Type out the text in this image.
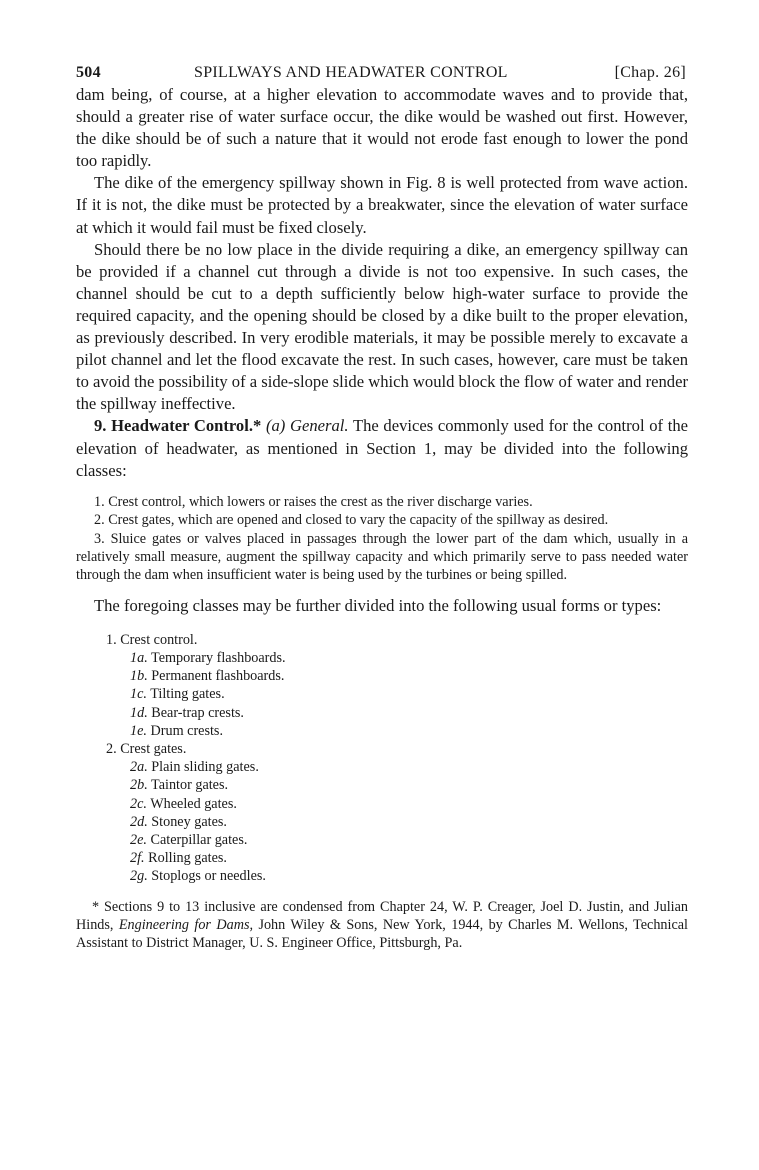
504	SPILLWAYS AND HEADWATER CONTROL	[Chap. 26]

dam being, of course, at a higher elevation to accommodate waves and to provide that, should a greater rise of water surface occur, the dike would be washed out first. However, the dike should be of such a nature that it would not erode fast enough to lower the pond too rapidly.

The dike of the emergency spillway shown in Fig. 8 is well protected from wave action. If it is not, the dike must be protected by a breakwater, since the elevation of water surface at which it would fail must be fixed closely.

Should there be no low place in the divide requiring a dike, an emergency spillway can be provided if a channel cut through a divide is not too expensive. In such cases, the channel should be cut to a depth sufficiently below high-water surface to provide the required capacity, and the opening should be closed by a dike built to the proper elevation, as previously described. In very erodible materials, it may be possible merely to excavate a pilot channel and let the flood excavate the rest. In such cases, however, care must be taken to avoid the possibility of a side-slope slide which would block the flow of water and render the spillway ineffective.

9. Headwater Control.* (a) General. The devices commonly used for the control of the elevation of headwater, as mentioned in Section 1, may be divided into the following classes:

1. Crest control, which lowers or raises the crest as the river discharge varies.

2. Crest gates, which are opened and closed to vary the capacity of the spillway as desired.

3. Sluice gates or valves placed in passages through the lower part of the dam which, usually in a relatively small measure, augment the spillway capacity and which primarily serve to pass needed water through the dam when insufficient water is being used by the turbines or being spilled.

The foregoing classes may be further divided into the following usual forms or types:

1. Crest control.

1a. Temporary flashboards.

1b. Permanent flashboards.

1c. Tilting gates.

1d. Bear-trap crests.

1e. Drum crests.

2. Crest gates.

2a. Plain sliding gates.

2b. Taintor gates.

2c. Wheeled gates.

2d. Stoney gates.

2e. Caterpillar gates.

2f. Rolling gates.

2g. Stoplogs or needles.

* Sections 9 to 13 inclusive are condensed from Chapter 24, W. P. Creager, Joel D. Justin, and Julian Hinds, Engineering for Dams, John Wiley & Sons, New York, 1944, by Charles M. Wellons, Technical Assistant to District Manager, U. S. Engineer Office, Pittsburgh, Pa.
